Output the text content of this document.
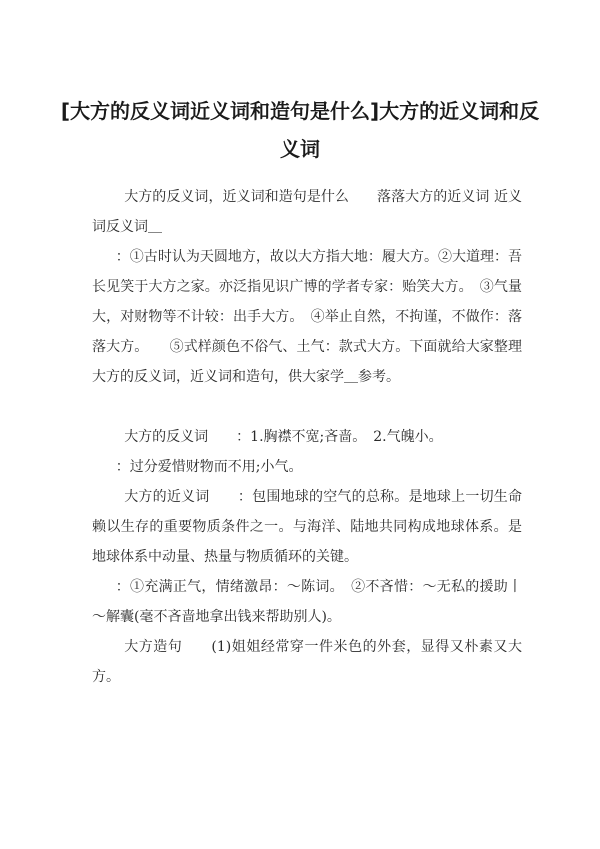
[大方的反义词近义词和造句是什么]大方的近义词和反义词

大方的反义词，近义词和造句是什么　　落落大方的近义词 近义词反义词＿

：①古时认为天圆地方，故以大方指大地：履大方。②大道理：吾长见笑于大方之家。亦泛指见识广博的学者专家：贻笑大方。　③气量大，对财物等不计较：出手大方。　④举止自然，不拘谨，不做作：落落大方。　　⑤式样颜色不俗气、土气：款式大方。下面就给大家整理大方的反义词，近义词和造句，供大家学＿参考。

大方的反义词　　：1.胸襟不宽;吝啬。　2.气魄小。

：过分爱惜财物而不用;小气。

大方的近义词　　：包围地球的空气的总称。是地球上一切生命赖以生存的重要物质条件之一。与海洋、陆地共同构成地球体系。是地球体系中动量、热量与物质循环的关键。

：①充满正气，情绪激昂：～陈词。　②不吝惜：～无私的援助丨～解囊(毫不吝啬地拿出钱来帮助别人)。

大方造句　　(1)姐姐经常穿一件米色的外套，显得又朴素又大方。
